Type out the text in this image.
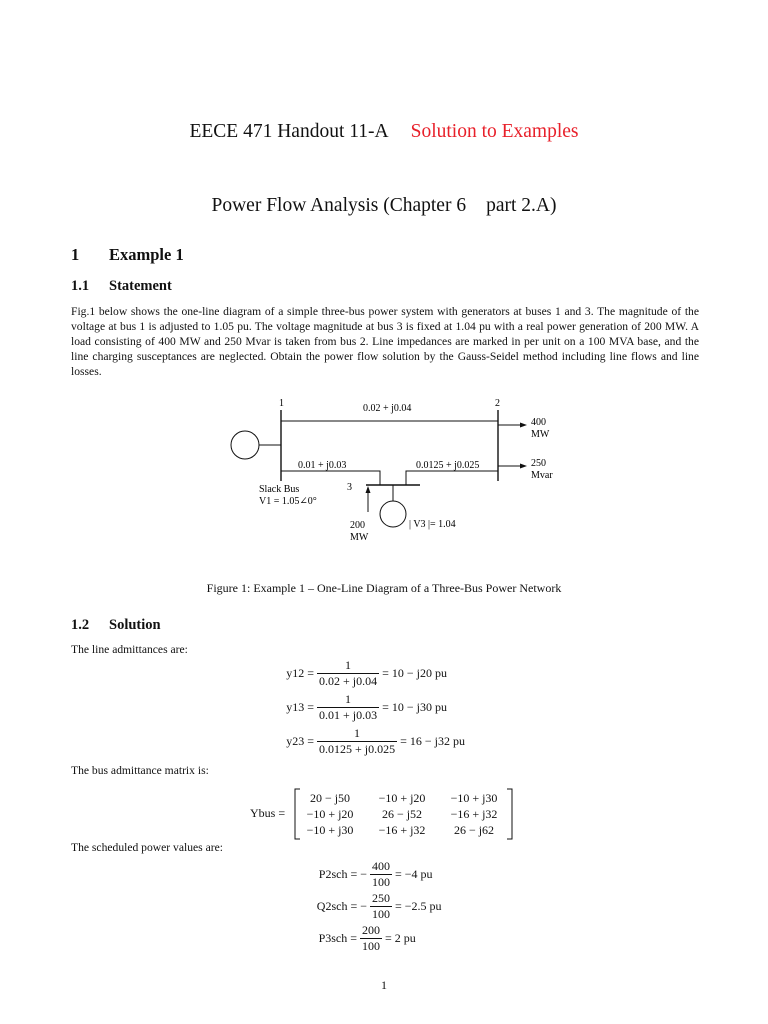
EECE 471 Handout 11-A Solution to Examples
Power Flow Analysis (Chapter 6 part 2.A)
1 Example 1
1.1 Statement
Fig.1 below shows the one-line diagram of a simple three-bus power system with generators at buses 1 and 3. The magnitude of the voltage at bus 1 is adjusted to 1.05 pu. The voltage magnitude at bus 3 is fixed at 1.04 pu with a real power generation of 200 MW. A load consisting of 400 MW and 250 Mvar is taken from bus 2. Line impedances are marked in per unit on a 100 MVA base, and the line charging susceptances are neglected. Obtain the power flow solution by the Gauss-Seidel method including line flows and line losses.
1	2
3
0.02 + j0.04
0.01 + j0.03	0.0125 + j0.025
400
MW
250
Mvar
Slack Bus
V1 = 1.05∠0°
200
MW
| V3 |= 1.04
Figure 1: Example 1 – One-Line Diagram of a Three-Bus Power Network
1.2 Solution
The line admittances are:
$y12 = \frac{1}{0.02 + j0.04} = 10 - j20$ pu
$y13 = \frac{1}{0.01 + j0.03} = 10 - j30$ pu
$y23 = \frac{1}{0.0125 + j0.025} = 16 - j32$ pu
The bus admittance matrix is:
Ybus =
20 − j50	−10 + j20	−10 + j30
−10 + j20	26 − j52	−16 + j32
−10 + j30	−16 + j32	26 − j62
The scheduled power values are:
P2sch = − $\frac{400}{100} = -4$ pu
Q2sch = − $\frac{250}{100} = -2.5$ pu
$P3sch = \frac{200}{100} = 2$ pu
1
